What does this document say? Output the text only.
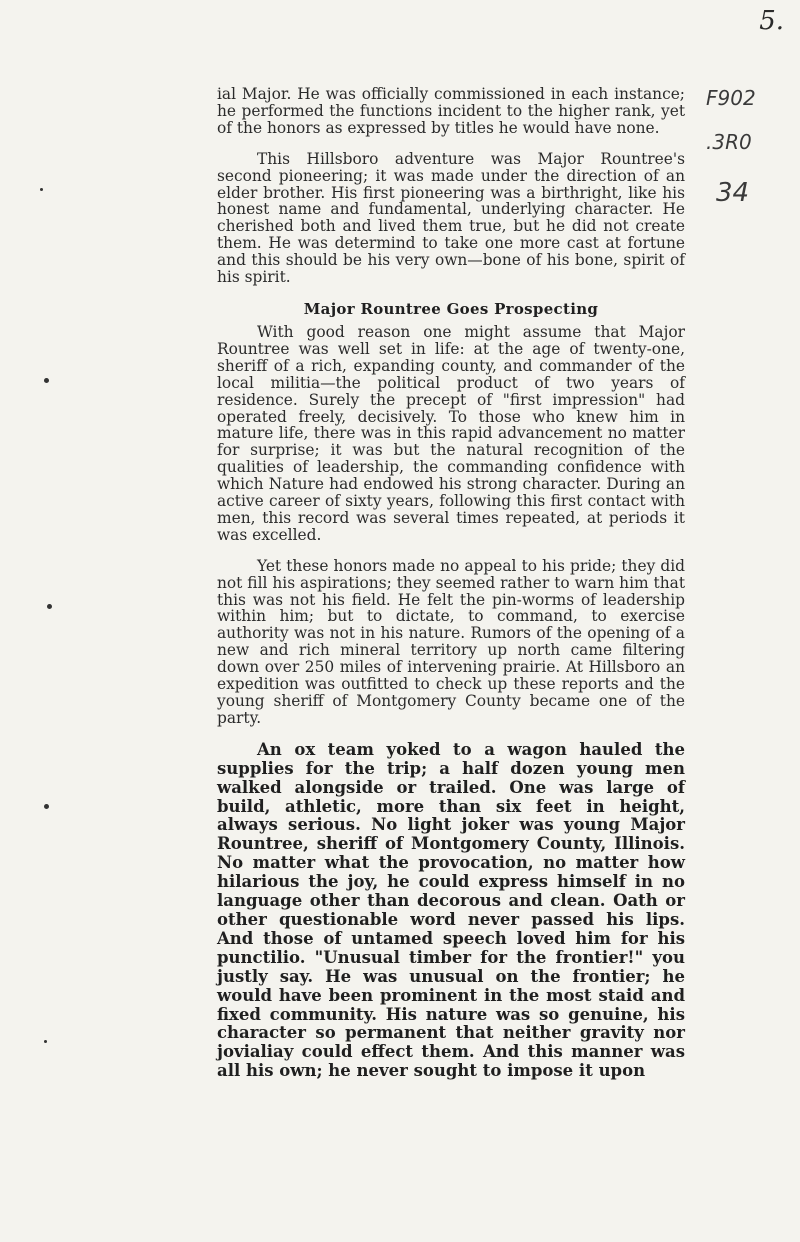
5.
F902
.3R0
34

ial Major. He was officially commissioned in each instance; he performed the functions incident to the higher rank, yet of the honors as expressed by titles he would have none.

This Hillsboro adventure was Major Rountree's second pioneering; it was made under the direction of an elder brother. His first pioneering was a birthright, like his honest name and fundamental, underlying character. He cherished both and lived them true, but he did not create them. He was determind to take one more cast at fortune and this should be his very own—bone of his bone, spirit of his spirit.

Major Rountree Goes Prospecting

With good reason one might assume that Major Rountree was well set in life: at the age of twenty-one, sheriff of a rich, expanding county, and commander of the local militia—the political product of two years of residence. Surely the precept of "first impression" had operated freely, decisively. To those who knew him in mature life, there was in this rapid advancement no matter for surprise; it was but the natural recognition of the qualities of leadership, the commanding confidence with which Nature had endowed his strong character. During an active career of sixty years, following this first contact with men, this record was several times repeated, at periods it was excelled.

Yet these honors made no appeal to his pride; they did not fill his aspirations; they seemed rather to warn him that this was not his field. He felt the pin-worms of leadership within him; but to dictate, to command, to exercise authority was not in his nature. Rumors of the opening of a new and rich mineral territory up north came filtering down over 250 miles of intervening prairie. At Hillsboro an expedition was outfitted to check up these reports and the young sheriff of Montgomery County became one of the party.

An ox team yoked to a wagon hauled the supplies for the trip; a half dozen young men walked alongside or trailed. One was large of build, athletic, more than six feet in height, always serious. No light joker was young Major Rountree, sheriff of Montgomery County, Illinois. No matter what the provocation, no matter how hilarious the joy, he could express himself in no language other than decorous and clean. Oath or other questionable word never passed his lips. And those of untamed speech loved him for his punctilio. "Unusual timber for the frontier!" you justly say. He was unusual on the frontier; he would have been prominent in the most staid and fixed community. His nature was so genuine, his character so permanent that neither gravity nor jovialiay could effect them. And this manner was all his own; he never sought to impose it upon
